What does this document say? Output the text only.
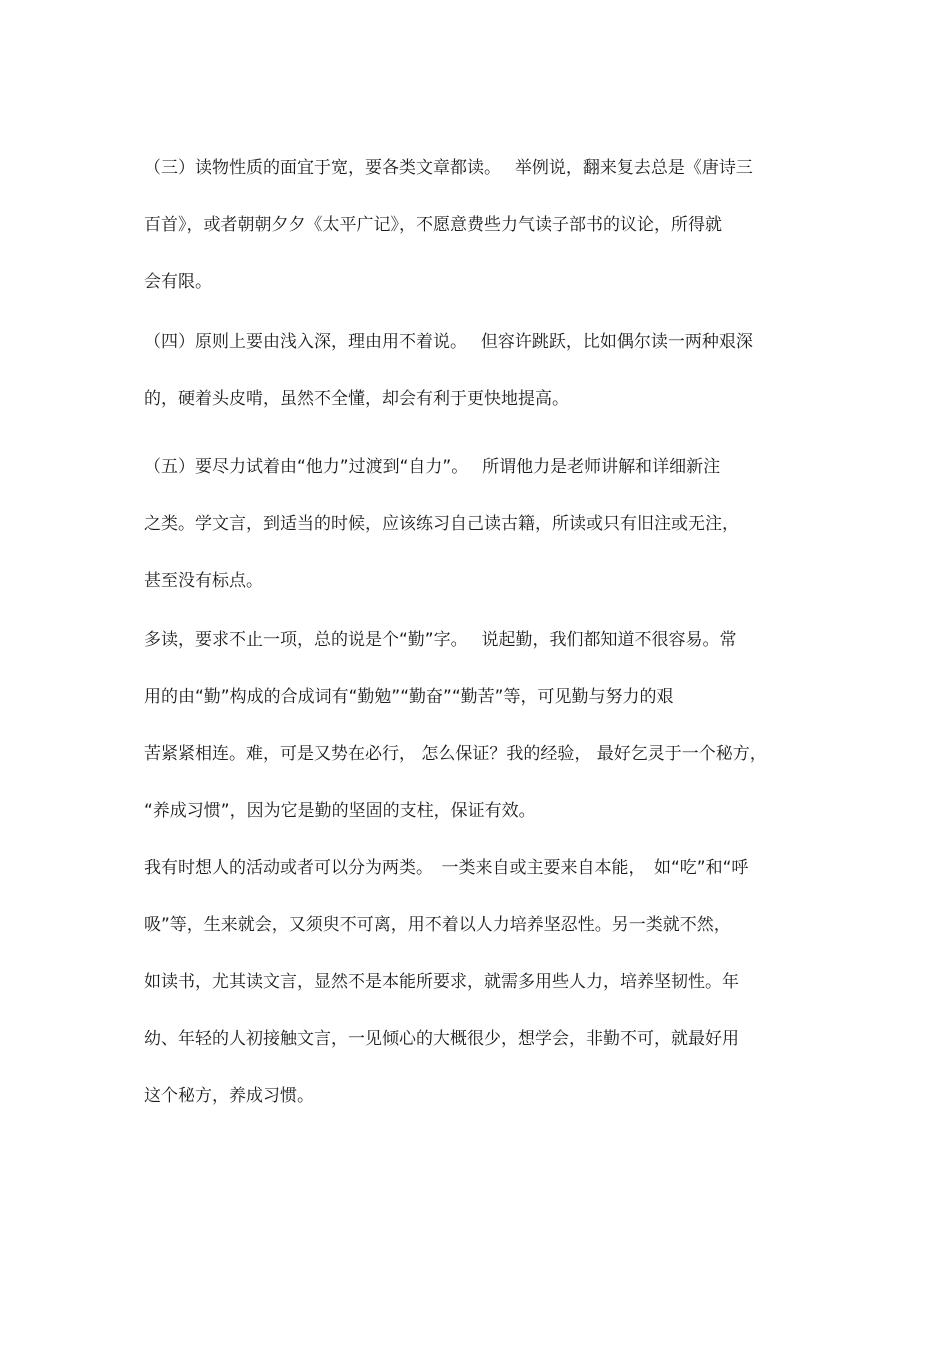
（三）读物性质的面宜于宽，要各类文章都读。　 举例说，翻来复去总是《唐诗三
百首》，或者朝朝夕夕《太平广记》，不愿意费些力气读子部书的议论，所得就
会有限。
（四）原则上要由浅入深，理由用不着说。　 但容许跳跃，比如偶尔读一两种艰深
的，硬着头皮啃，虽然不全懂，却会有利于更快地提高。
（五）要尽力试着由“他力”过渡到“自力”。　 所谓他力是老师讲解和详细新注
之类。学文言，到适当的时候，应该练习自己读古籍，所读或只有旧注或无注，
甚至没有标点。
多读，要求不止一项，总的说是个“勤”字。　 说起勤，我们都知道不很容易。常
用的由“勤”构成的合成词有“勤勉”“勤奋”“勤苦”等，可见勤与努力的艰
苦紧紧相连。难，可是又势在必行， 怎么保证？我的经验， 最好乞灵于一个秘方，
“养成习惯”，因为它是勤的坚固的支柱，保证有效。
我有时想人的活动或者可以分为两类。　一类来自或主要来自本能，　如“吃”和“呼
吸”等，生来就会，又须臾不可离，用不着以人力培养坚忍性。另一类就不然，
如读书，尤其读文言，显然不是本能所要求，就需多用些人力，培养坚韧性。年
幼、年轻的人初接触文言，一见倾心的大概很少，想学会，非勤不可，就最好用
这个秘方，养成习惯。
